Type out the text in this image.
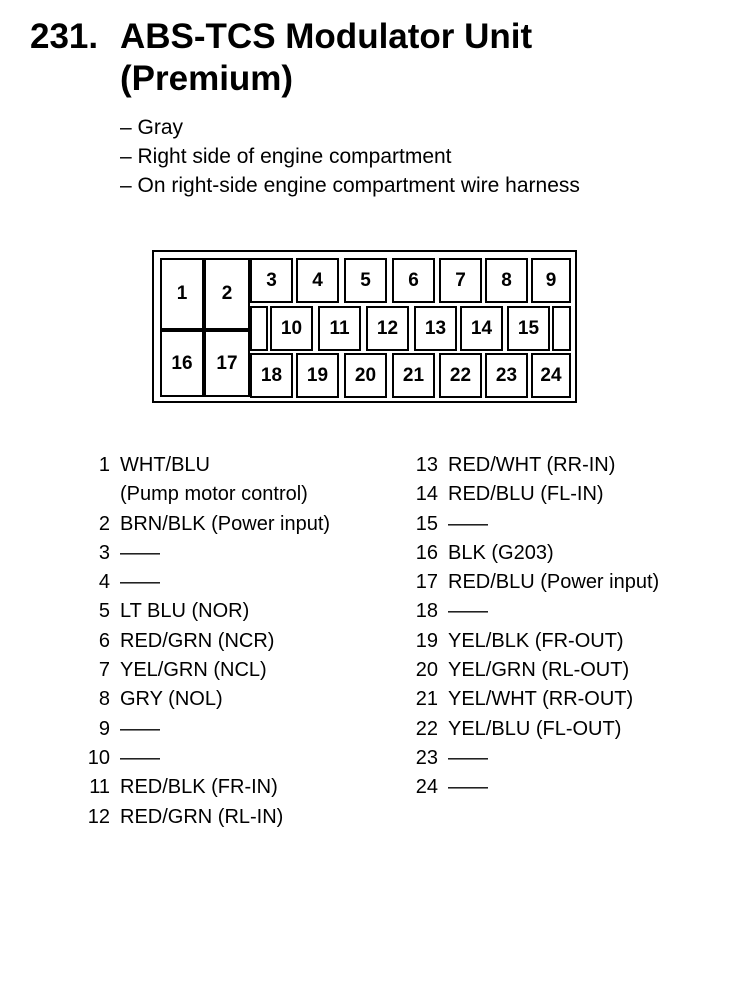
231. ABS-TCS Modulator Unit
(Premium)
– Gray
– Right side of engine compartment
– On right-side engine compartment wire harness
1	2
16	17
3	4	5	6	7	8	9
10	11	12	13	14	15
18	19	20	21	22	23	24
1 WHT/BLU
(Pump motor control)
2 BRN/BLK (Power input)
3 ——
4 ——
5 LT BLU (NOR)
6 RED/GRN (NCR)
7 YEL/GRN (NCL)
8 GRY (NOL)
9 ——
10 ——
11 RED/BLK (FR-IN)
12 RED/GRN (RL-IN)
13 RED/WHT (RR-IN)
14 RED/BLU (FL-IN)
15 ——
16 BLK (G203)
17 RED/BLU (Power input)
18 ——
19 YEL/BLK (FR-OUT)
20 YEL/GRN (RL-OUT)
21 YEL/WHT (RR-OUT)
22 YEL/BLU (FL-OUT)
23 ——
24 ——
